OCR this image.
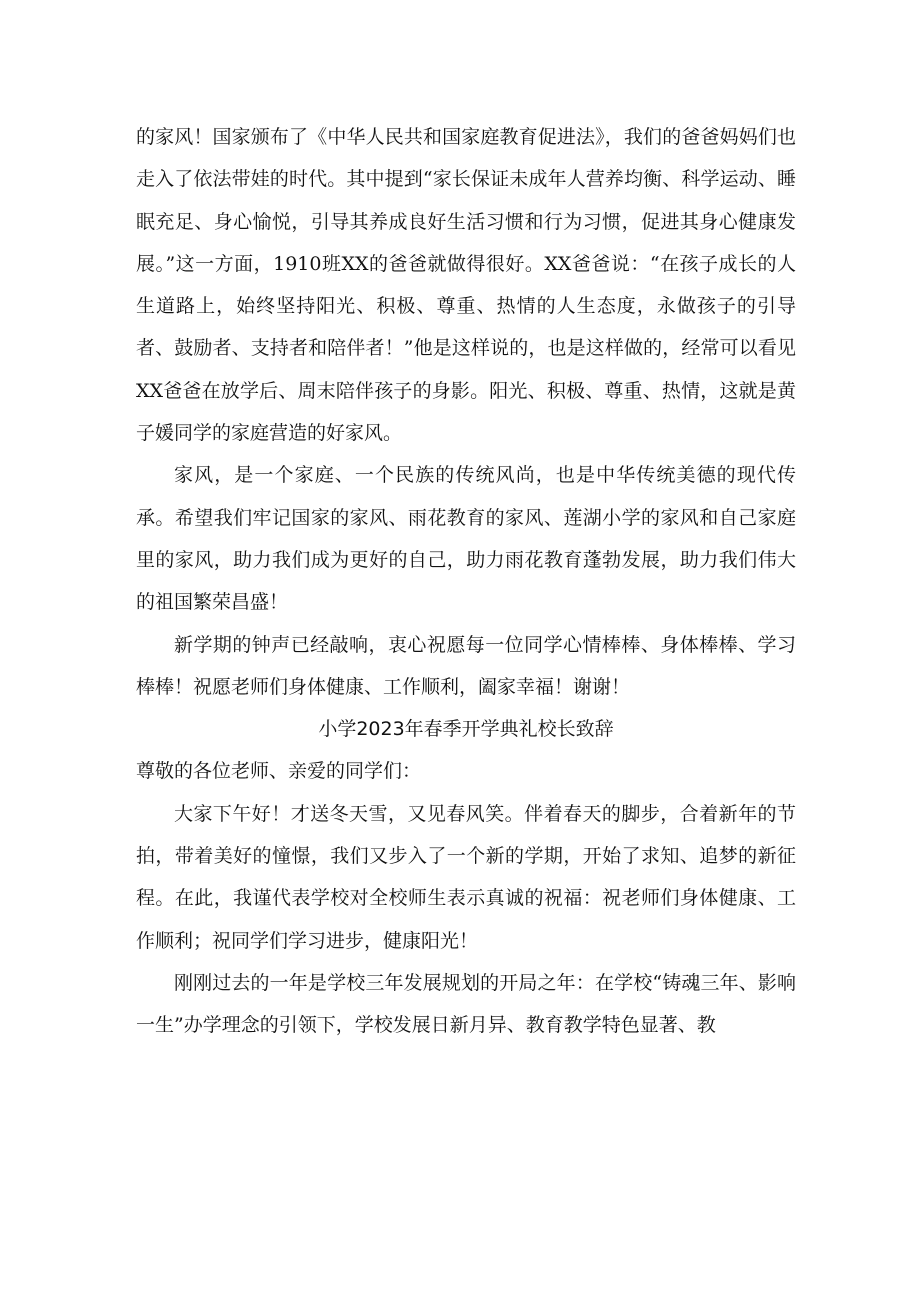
的家风！国家颁布了《中华人民共和国家庭教育促进法》，我们的爸爸妈妈们也走入了依法带娃的时代。其中提到“家长保证未成年人营养均衡、科学运动、睡眠充足、身心愉悦，引导其养成良好生活习惯和行为习惯，促进其身心健康发展。”这一方面，1910班XX的爸爸就做得很好。XX爸爸说：“在孩子成长的人生道路上，始终坚持阳光、积极、尊重、热情的人生态度，永做孩子的引导者、鼓励者、支持者和陪伴者！”他是这样说的，也是这样做的，经常可以看见XX爸爸在放学后、周末陪伴孩子的身影。阳光、积极、尊重、热情，这就是黄子媛同学的家庭营造的好家风。

家风，是一个家庭、一个民族的传统风尚，也是中华传统美德的现代传承。希望我们牢记国家的家风、雨花教育的家风、莲湖小学的家风和自己家庭里的家风，助力我们成为更好的自己，助力雨花教育蓬勃发展，助力我们伟大的祖国繁荣昌盛！

新学期的钟声已经敲响，衷心祝愿每一位同学心情棒棒、身体棒棒、学习棒棒！祝愿老师们身体健康、工作顺利，阖家幸福！谢谢！

小学2023年春季开学典礼校长致辞

尊敬的各位老师、亲爱的同学们：

大家下午好！才送冬天雪，又见春风笑。伴着春天的脚步，合着新年的节拍，带着美好的憧憬，我们又步入了一个新的学期，开始了求知、追梦的新征程。在此，我谨代表学校对全校师生表示真诚的祝福：祝老师们身体健康、工作顺利；祝同学们学习进步，健康阳光！

刚刚过去的一年是学校三年发展规划的开局之年：在学校“铸魂三年、影响一生”办学理念的引领下，学校发展日新月异、教育教学特色显著、教
